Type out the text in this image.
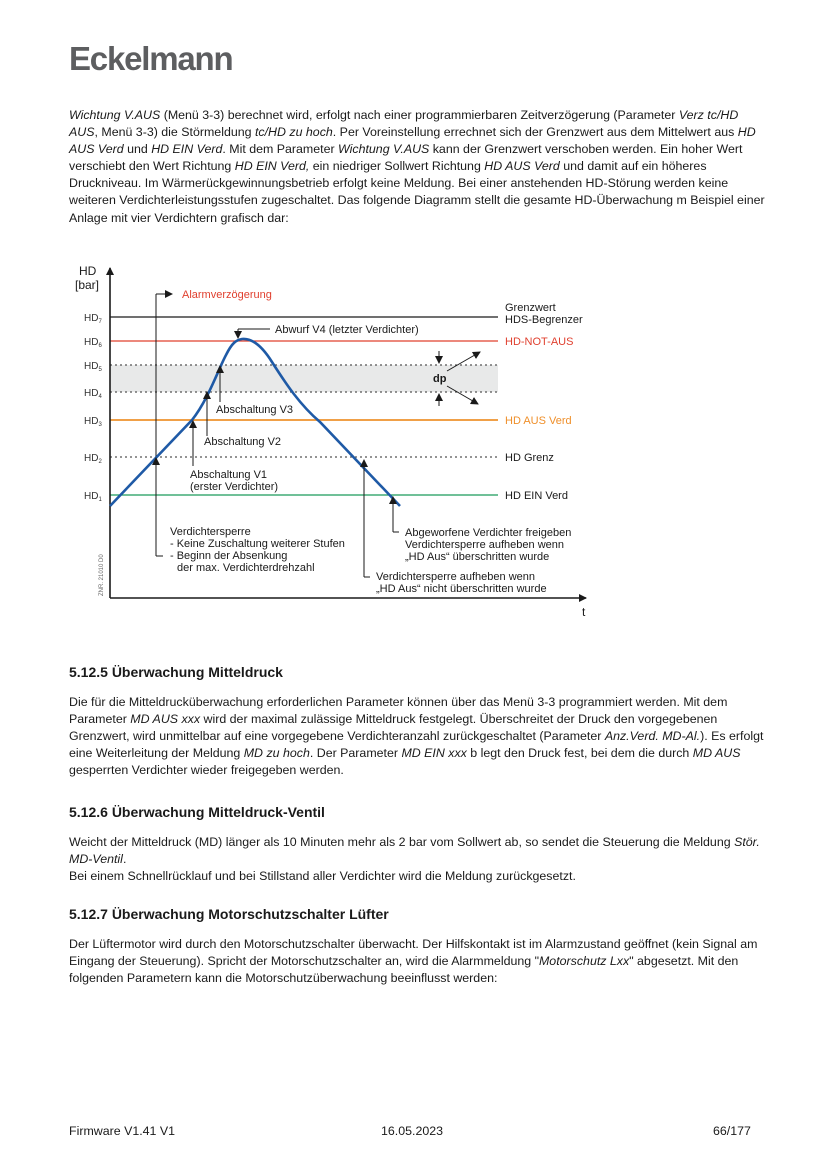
Eckelmann
Wichtung V.AUS (Menü 3-3) berechnet wird, erfolgt nach einer programmierbaren Zeitverzögerung (Parameter Verz tc/HD AUS, Menü 3-3) die Störmeldung tc/HD zu hoch. Per Voreinstellung errechnet sich der Grenzwert aus dem Mittelwert aus HD AUS Verd und HD EIN Verd. Mit dem Parameter Wichtung V.AUS kann der Grenzwert verschoben werden. Ein hoher Wert verschiebt den Wert Richtung HD EIN Verd, ein niedriger Sollwert Richtung HD AUS Verd und damit auf ein höheres Druckniveau. Im Wärmerückgewinnungsbetrieb erfolgt keine Meldung. Bei einer anstehenden HD-Störung werden keine weiteren Verdichterleistungsstufen zugeschaltet. Das folgende Diagramm stellt die gesamte HD-Überwachung m Beispiel einer Anlage mit vier Verdichtern grafisch dar:
$HD_7$
Grenzwert
HDS-Begrenzer
$HD_6$	HD-NOT-AUS
$HD_5$
$HD_4$
$HD_3$	HD AUS Verd
$HD_2$	HD Grenz
$HD_1$	HD EIN Verd
HD
[bar]
t
ZNR. 21010 D0
Alarmverzögerung
Abwurf V4 (letzter Verdichter)
Abschaltung V3
Abschaltung V2
Abschaltung V1
(erster Verdichter)
Verdichtersperre
- Keine Zuschaltung weiterer Stufen
- Beginn der Absenkung
der max. Verdichterdrehzahl
Verdichtersperre aufheben wenn
„HD Aus“ nicht überschritten wurde
Abgeworfene Verdichter freigeben
Verdichtersperre aufheben wenn
„HD Aus“ überschritten wurde
dp
5.12.5 Überwachung Mitteldruck
Die für die Mitteldrucküberwachung erforderlichen Parameter können über das Menü 3-3 programmiert werden. Mit dem Parameter MD AUS xxx wird der maximal zulässige Mitteldruck festgelegt. Überschreitet der Druck den vorgegebenen Grenzwert, wird unmittelbar auf eine vorgegebene Verdichteranzahl zurückgeschaltet (Parameter Anz.Verd. MD-Al.). Es erfolgt eine Weiterleitung der Meldung MD zu hoch. Der Parameter MD EIN xxx b legt den Druck fest, bei dem die durch MD AUS gesperrten Verdichter wieder freigegeben werden.
5.12.6 Überwachung Mitteldruck-Ventil
Weicht der Mitteldruck (MD) länger als 10 Minuten mehr als 2 bar vom Sollwert ab, so sendet die Steuerung die Meldung Stör. MD-Ventil.
Bei einem Schnellrücklauf und bei Stillstand aller Verdichter wird die Meldung zurückgesetzt.
5.12.7 Überwachung Motorschutzschalter Lüfter
Der Lüftermotor wird durch den Motorschutzschalter überwacht. Der Hilfskontakt ist im Alarmzustand geöffnet (kein Signal am Eingang der Steuerung). Spricht der Motorschutzschalter an, wird die Alarmmeldung "Motorschutz Lxx" abgesetzt. Mit den folgenden Parametern kann die Motorschutzüberwachung beeinflusst werden:
Firmware V1.41 V1	16.05.2023	66/177
